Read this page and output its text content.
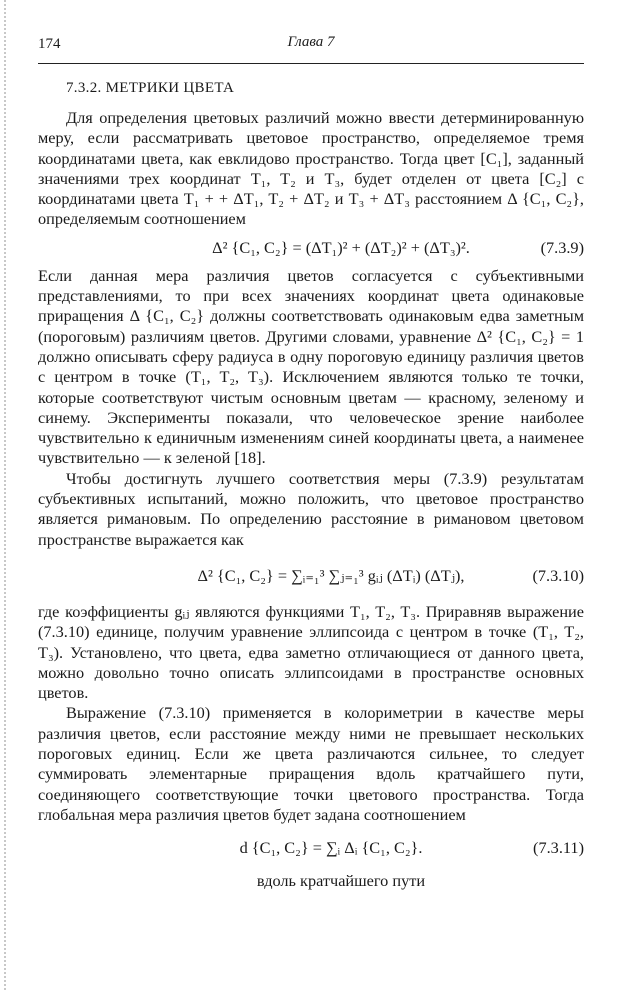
174	Глава 7
7.3.2. МЕТРИКИ ЦВЕТА

Для определения цветовых различий можно ввести детерминированную меру, если рассматривать цветовое пространство, определяемое тремя координатами цвета, как евклидово пространство. Тогда цвет [C₁], заданный значениями трех координат T₁, T₂ и T₃, будет отделен от цвета [C₂] с координатами цвета T₁ + + ΔT₁, T₂ + ΔT₂ и T₃ + ΔT₃ расстоянием Δ {C₁, C₂}, определяемым соотношением

Δ² {C₁, C₂} = (ΔT₁)² + (ΔT₂)² + (ΔT₃)².	(7.3.9)

Если данная мера различия цветов согласуется с субъективными представлениями, то при всех значениях координат цвета одинаковые приращения Δ {C₁, C₂} должны соответствовать одинаковым едва заметным (пороговым) различиям цветов. Другими словами, уравнение Δ² {C₁, C₂} = 1 должно описывать сферу радиуса в одну пороговую единицу различия цветов с центром в точке (T₁, T₂, T₃). Исключением являются только те точки, которые соответствуют чистым основным цветам — красному, зеленому и синему. Эксперименты показали, что человеческое зрение наиболее чувствительно к единичным изменениям синей координаты цвета, а наименее чувствительно — к зеленой [18].

Чтобы достигнуть лучшего соответствия меры (7.3.9) результатам субъективных испытаний, можно положить, что цветовое пространство является римановым. По определению расстояние в римановом цветовом пространстве выражается как

Δ² {C₁, C₂} = ∑ᵢ₌₁³ ∑ⱼ₌₁³ gᵢⱼ (ΔTᵢ) (ΔTⱼ),	(7.3.10)

где коэффициенты gᵢⱼ являются функциями T₁, T₂, T₃. Приравняв выражение (7.3.10) единице, получим уравнение эллипсоида с центром в точке (T₁, T₂, T₃). Установлено, что цвета, едва заметно отличающиеся от данного цвета, можно довольно точно описать эллипсоидами в пространстве основных цветов.

Выражение (7.3.10) применяется в колориметрии в качестве меры различия цветов, если расстояние между ними не превышает нескольких пороговых единиц. Если же цвета различаются сильнее, то следует суммировать элементарные приращения вдоль кратчайшего пути, соединяющего соответствующие точки цветового пространства. Тогда глобальная мера различия цветов будет задана соотношением

d {C₁, C₂} = ∑ᵢ Δᵢ {C₁, C₂}.	(7.3.11)
вдоль кратчайшего пути
